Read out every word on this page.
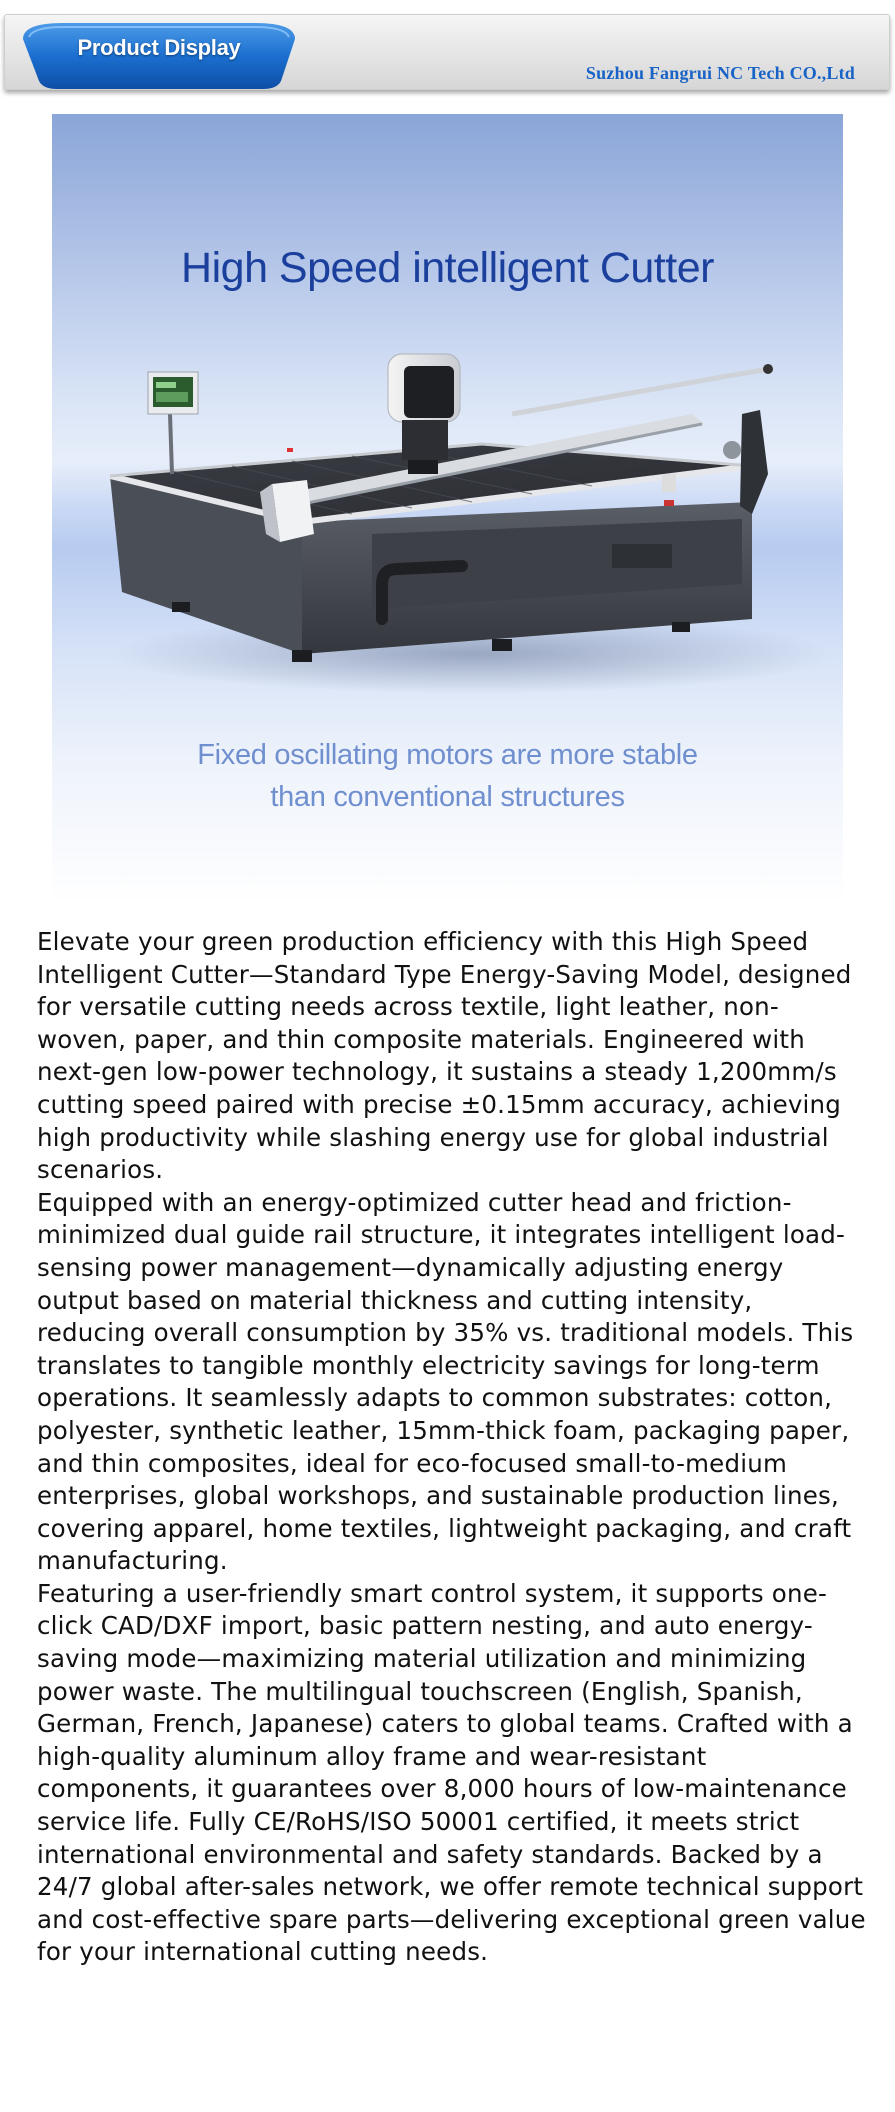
Product Display
Suzhou Fangrui NC Tech CO.,Ltd
High Speed intelligent Cutter
Fixed oscillating motors are more stable
than conventional structures

Elevate your green production efficiency with this High Speed Intelligent Cutter—Standard Type Energy-Saving Model, designed for versatile cutting needs across textile, light leather, non-woven, paper, and thin composite materials. Engineered with next-gen low-power technology, it sustains a steady 1,200mm/s cutting speed paired with precise ±0.15mm accuracy, achieving high productivity while slashing energy use for global industrial scenarios.

Equipped with an energy-optimized cutter head and friction-minimized dual guide rail structure, it integrates intelligent load-sensing power management—dynamically adjusting energy output based on material thickness and cutting intensity, reducing overall consumption by 35% vs. traditional models. This translates to tangible monthly electricity savings for long-term operations. It seamlessly adapts to common substrates: cotton, polyester, synthetic leather, 15mm-thick foam, packaging paper, and thin composites, ideal for eco-focused small-to-medium enterprises, global workshops, and sustainable production lines, covering apparel, home textiles, lightweight packaging, and craft manufacturing.

Featuring a user-friendly smart control system, it supports one-click CAD/DXF import, basic pattern nesting, and auto energy-saving mode—maximizing material utilization and minimizing power waste. The multilingual touchscreen (English, Spanish, German, French, Japanese) caters to global teams. Crafted with a high-quality aluminum alloy frame and wear-resistant components, it guarantees over 8,000 hours of low-maintenance service life. Fully CE/RoHS/ISO 50001 certified, it meets strict international environmental and safety standards. Backed by a 24/7 global after-sales network, we offer remote technical support and cost-effective spare parts—delivering exceptional green value for your international cutting needs.
